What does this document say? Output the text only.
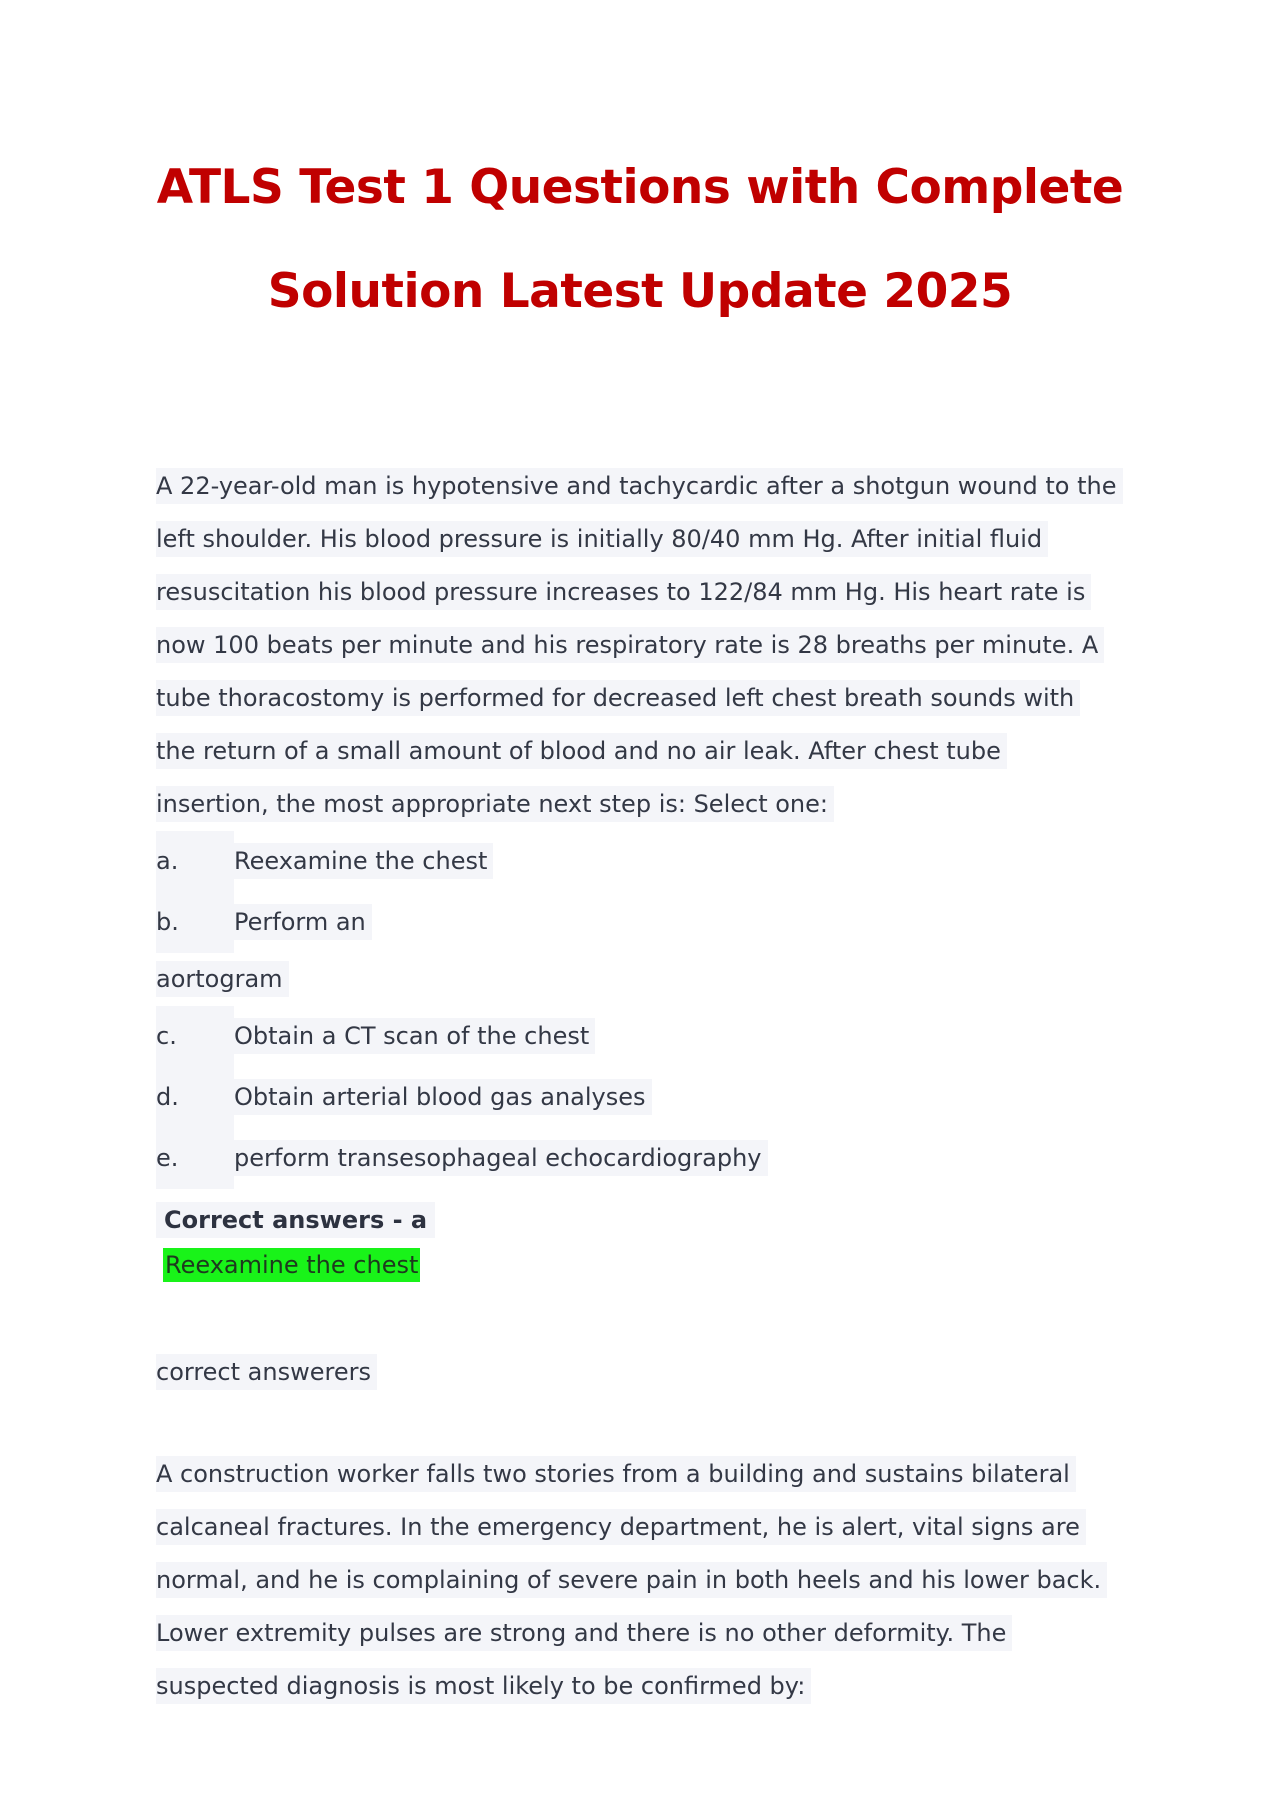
ATLS Test 1 Questions with Complete
Solution Latest Update 2025
A 22-year-old man is hypotensive and tachycardic after a shotgun wound to the
left shoulder. His blood pressure is initially 80/40 mm Hg. After initial fluid
resuscitation his blood pressure increases to 122/84 mm Hg. His heart rate is
now 100 beats per minute and his respiratory rate is 28 breaths per minute. A
tube thoracostomy is performed for decreased left chest breath sounds with
the return of a small amount of blood and no air leak. After chest tube
insertion, the most appropriate next step is: Select one:
a. Reexamine the chest
b. Perform an
aortogram
c. Obtain a CT scan of the chest
d. Obtain arterial blood gas analyses
e. perform transesophageal echocardiography
Correct answers - a
Reexamine the chest
correct answerers
A construction worker falls two stories from a building and sustains bilateral
calcaneal fractures. In the emergency department, he is alert, vital signs are
normal, and he is complaining of severe pain in both heels and his lower back.
Lower extremity pulses are strong and there is no other deformity. The
suspected diagnosis is most likely to be confirmed by:
